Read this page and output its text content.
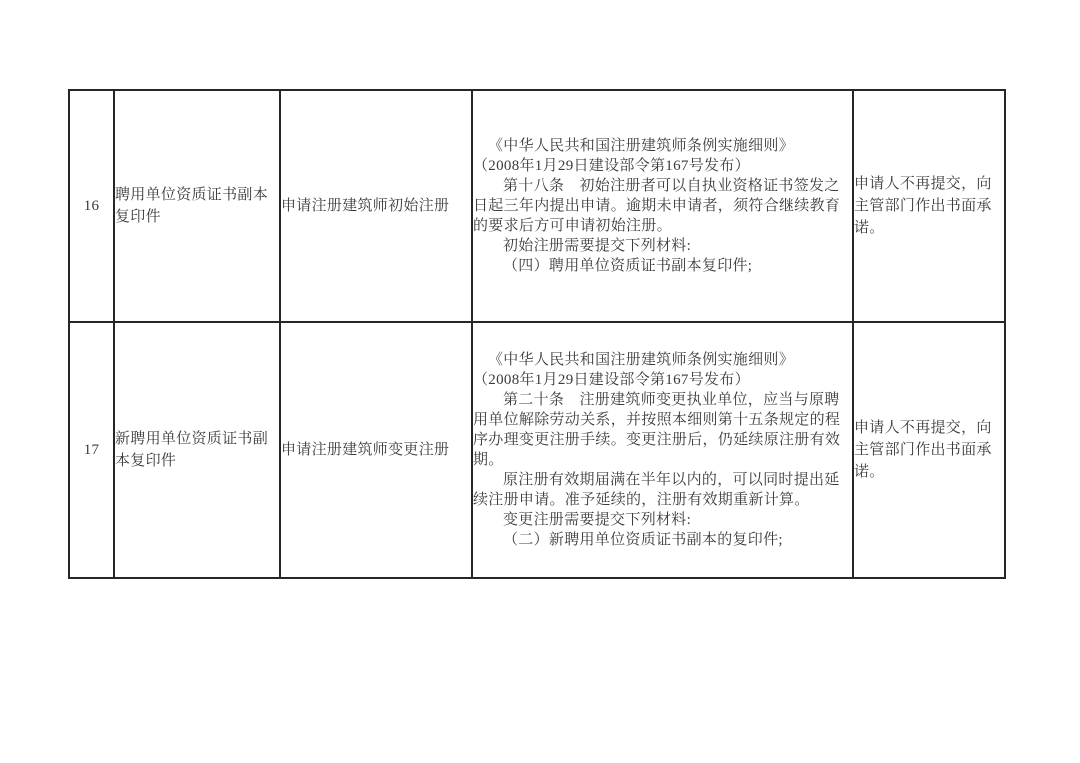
16	聘用单位资质证书副本复印件	申请注册建筑师初始注册	《中华人民共和国注册建筑师条例实施细则》

（2008年1月29日建设部令第167号发布）

第十八条　初始注册者可以自执业资格证书签发之日起三年内提出申请。逾期未申请者，须符合继续教育的要求后方可申请初始注册。

初始注册需要提交下列材料:

（四）聘用单位资质证书副本复印件;	申请人不再提交，向主管部门作出书面承诺。
17	新聘用单位资质证书副本复印件	申请注册建筑师变更注册	

《中华人民共和国注册建筑师条例实施细则》

（2008年1月29日建设部令第167号发布）

第二十条　注册建筑师变更执业单位，应当与原聘用单位解除劳动关系，并按照本细则第十五条规定的程序办理变更注册手续。变更注册后，仍延续原注册有效期。

原注册有效期届满在半年以内的，可以同时提出延续注册申请。准予延续的，注册有效期重新计算。

变更注册需要提交下列材料:

（二）新聘用单位资质证书副本的复印件;

	申请人不再提交，向主管部门作出书面承诺。
